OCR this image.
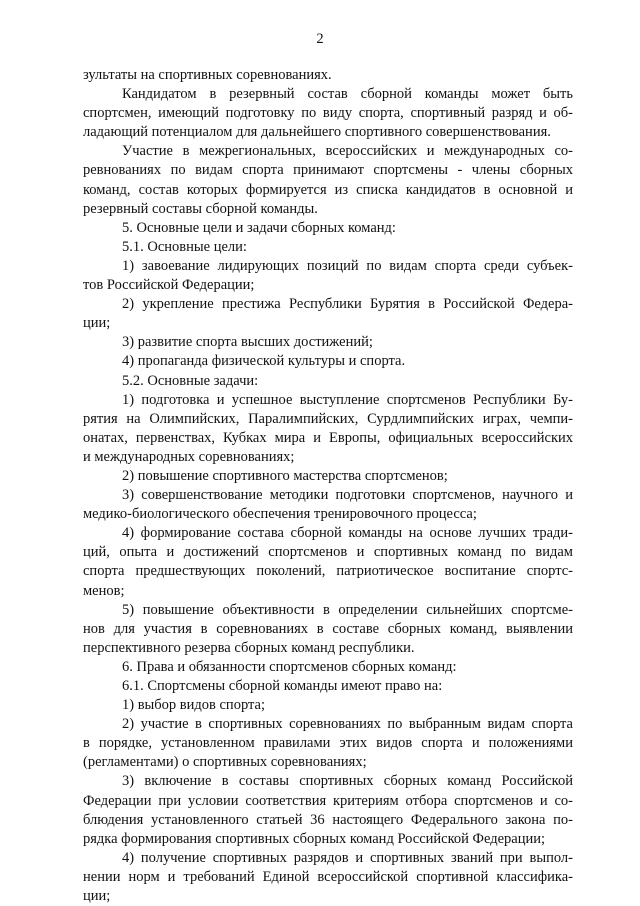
2
зультаты на спортивных соревнованиях.
Кандидатом в резервный состав сборной команды может быть
спортсмен, имеющий подготовку по виду спорта, спортивный разряд и об-
ладающий потенциалом для дальнейшего спортивного совершенствования.
Участие в межрегиональных, всероссийских и международных со-
ревнованиях по видам спорта принимают спортсмены - члены сборных
команд, состав которых формируется из списка кандидатов в основной и
резервный составы сборной команды.
5. Основные цели и задачи сборных команд:
5.1. Основные цели:
1) завоевание лидирующих позиций по видам спорта среди субъек-
тов Российской Федерации;
2) укрепление престижа Республики Бурятия в Российской Федера-
ции;
3) развитие спорта высших достижений;
4) пропаганда физической культуры и спорта.
5.2. Основные задачи:
1) подготовка и успешное выступление спортсменов Республики Бу-
рятия на Олимпийских, Паралимпийских, Сурдлимпийских играх, чемпи-
онатах, первенствах, Кубках мира и Европы, официальных всероссийских
и международных соревнованиях;
2) повышение спортивного мастерства спортсменов;
3) совершенствование методики подготовки спортсменов, научного и
медико-биологического обеспечения тренировочного процесса;
4) формирование состава сборной команды на основе лучших тради-
ций, опыта и достижений спортсменов и спортивных команд по видам
спорта предшествующих поколений, патриотическое воспитание спортс-
менов;
5) повышение объективности в определении сильнейших спортсме-
нов для участия в соревнованиях в составе сборных команд, выявлении
перспективного резерва сборных команд республики.
6. Права и обязанности спортсменов сборных команд:
6.1. Спортсмены сборной команды имеют право на:
1) выбор видов спорта;
2) участие в спортивных соревнованиях по выбранным видам спорта
в порядке, установленном правилами этих видов спорта и положениями
(регламентами) о спортивных соревнованиях;
3) включение в составы спортивных сборных команд Российской
Федерации при условии соответствия критериям отбора спортсменов и со-
блюдения установленного статьей 36 настоящего Федерального закона по-
рядка формирования спортивных сборных команд Российской Федерации;
4) получение спортивных разрядов и спортивных званий при выпол-
нении норм и требований Единой всероссийской спортивной классифика-
ции;
